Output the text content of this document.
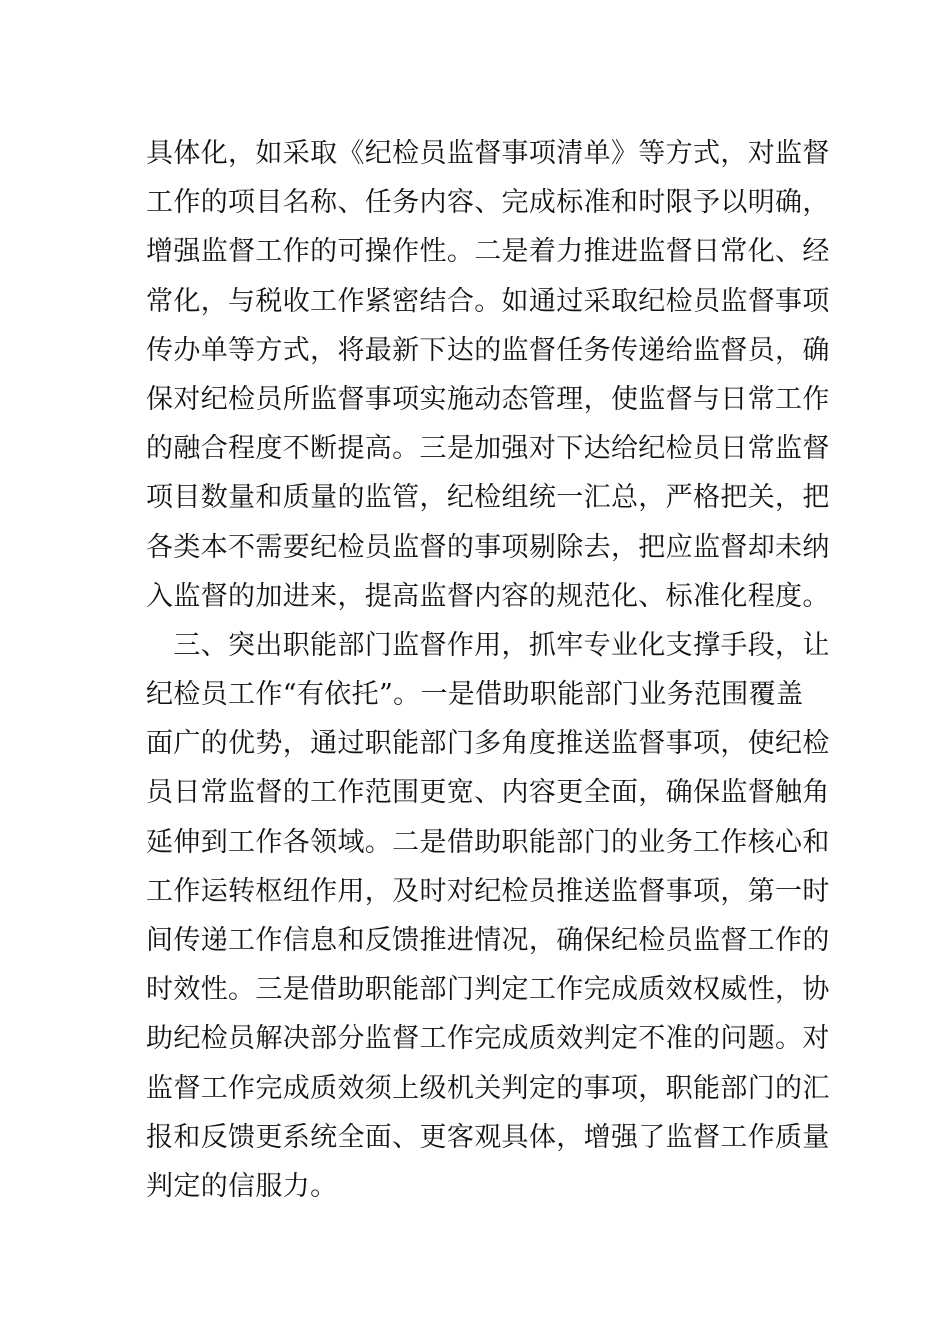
具体化，如采取《纪检员监督事项清单》等方式，对监督
工作的项目名称、任务内容、完成标准和时限予以明确，
增强监督工作的可操作性。二是着力推进监督日常化、经
常化，与税收工作紧密结合。如通过采取纪检员监督事项
传办单等方式，将最新下达的监督任务传递给监督员，确
保对纪检员所监督事项实施动态管理，使监督与日常工作
的融合程度不断提高。三是加强对下达给纪检员日常监督
项目数量和质量的监管，纪检组统一汇总，严格把关，把
各类本不需要纪检员监督的事项剔除去，把应监督却未纳
入监督的加进来，提高监督内容的规范化、标准化程度。
　三、突出职能部门监督作用，抓牢专业化支撑手段，让
纪检员工作“有依托”。一是借助职能部门业务范围覆盖
面广的优势，通过职能部门多角度推送监督事项，使纪检
员日常监督的工作范围更宽、内容更全面，确保监督触角
延伸到工作各领域。二是借助职能部门的业务工作核心和
工作运转枢纽作用，及时对纪检员推送监督事项，第一时
间传递工作信息和反馈推进情况，确保纪检员监督工作的
时效性。三是借助职能部门判定工作完成质效权威性，协
助纪检员解决部分监督工作完成质效判定不准的问题。对
监督工作完成质效须上级机关判定的事项，职能部门的汇
报和反馈更系统全面、更客观具体，增强了监督工作质量
判定的信服力。
